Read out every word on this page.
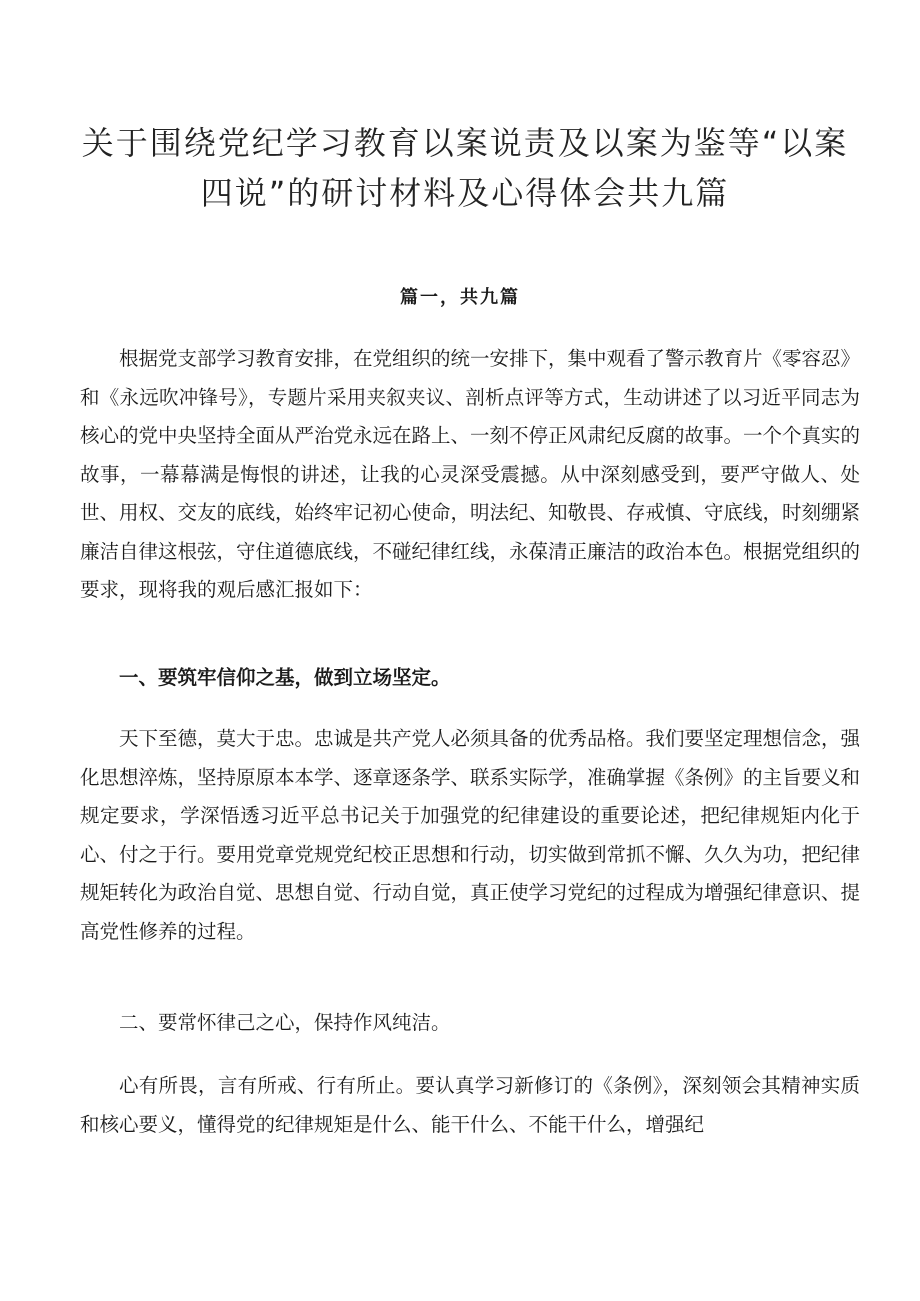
关于围绕党纪学习教育以案说责及以案为鉴等“以案四说”的研讨材料及心得体会共九篇
篇一，共九篇

根据党支部学习教育安排，在党组织的统一安排下，集中观看了警示教育片《零容忍》和《永远吹冲锋号》，专题片采用夹叙夹议、剖析点评等方式，生动讲述了以习近平同志为核心的党中央坚持全面从严治党永远在路上、一刻不停正风肃纪反腐的故事。一个个真实的故事，一幕幕满是悔恨的讲述，让我的心灵深受震撼。从中深刻感受到，要严守做人、处世、用权、交友的底线，始终牢记初心使命，明法纪、知敬畏、存戒慎、守底线，时刻绷紧廉洁自律这根弦，守住道德底线，不碰纪律红线，永葆清正廉洁的政治本色。根据党组织的要求，现将我的观后感汇报如下：

一、要筑牢信仰之基，做到立场坚定。

天下至德，莫大于忠。忠诚是共产党人必须具备的优秀品格。我们要坚定理想信念，强化思想淬炼，坚持原原本本学、逐章逐条学、联系实际学，准确掌握《条例》的主旨要义和规定要求，学深悟透习近平总书记关于加强党的纪律建设的重要论述，把纪律规矩内化于心、付之于行。要用党章党规党纪校正思想和行动，切实做到常抓不懈、久久为功，把纪律规矩转化为政治自觉、思想自觉、行动自觉，真正使学习党纪的过程成为增强纪律意识、提高党性修养的过程。

二、要常怀律己之心，保持作风纯洁。

心有所畏，言有所戒、行有所止。要认真学习新修订的《条例》，深刻领会其精神实质和核心要义，懂得党的纪律规矩是什么、能干什么、不能干什么，增强纪
